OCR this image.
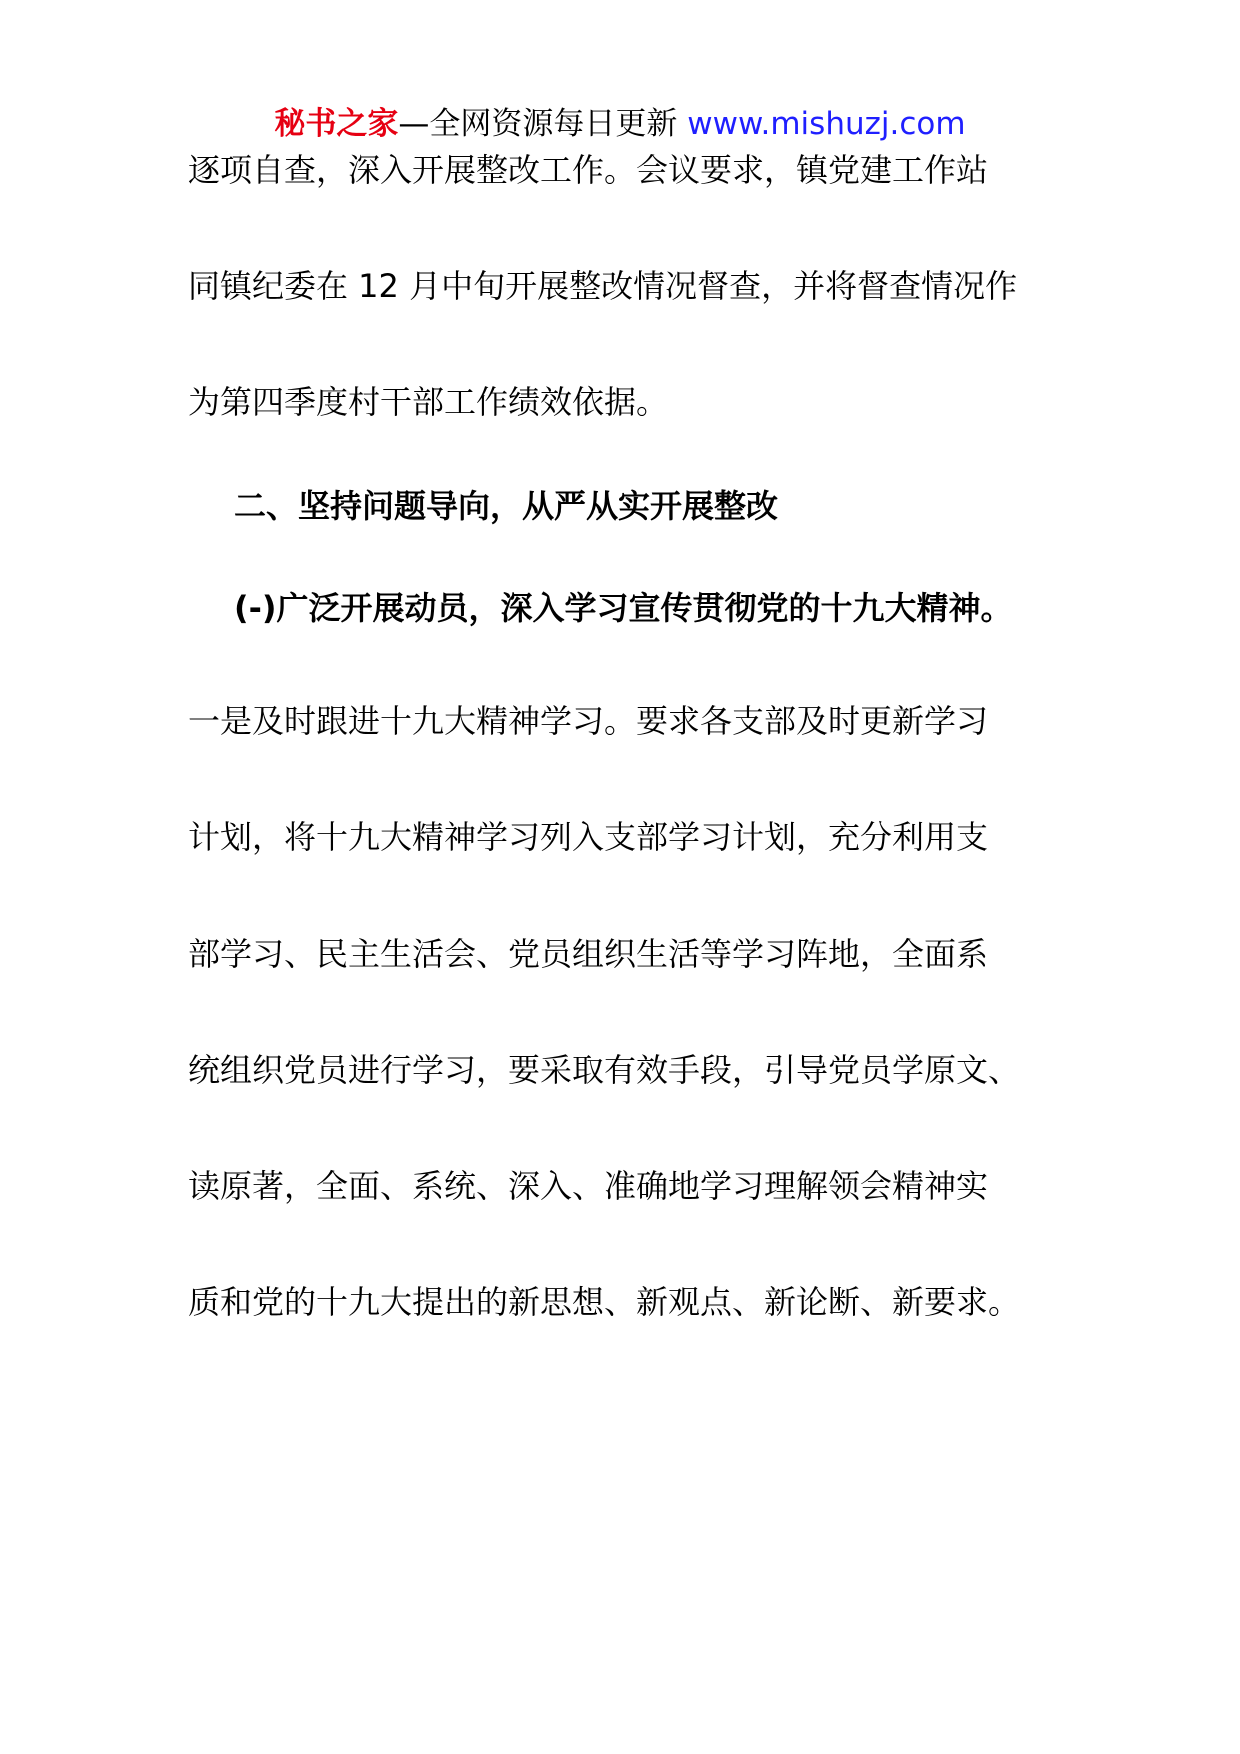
秘书之家—全网资源每日更新 www.mishuzj.com
逐项自查，深入开展整改工作。会议要求，镇党建工作站
同镇纪委在 12 月中旬开展整改情况督查，并将督查情况作
为第四季度村干部工作绩效依据。
二、坚持问题导向，从严从实开展整改
(-)广泛开展动员，深入学习宣传贯彻党的十九大精神。
一是及时跟进十九大精神学习。要求各支部及时更新学习
计划，将十九大精神学习列入支部学习计划，充分利用支
部学习、民主生活会、党员组织生活等学习阵地，全面系
统组织党员进行学习，要采取有效手段，引导党员学原文、
读原著，全面、系统、深入、准确地学习理解领会精神实
质和党的十九大提出的新思想、新观点、新论断、新要求。
